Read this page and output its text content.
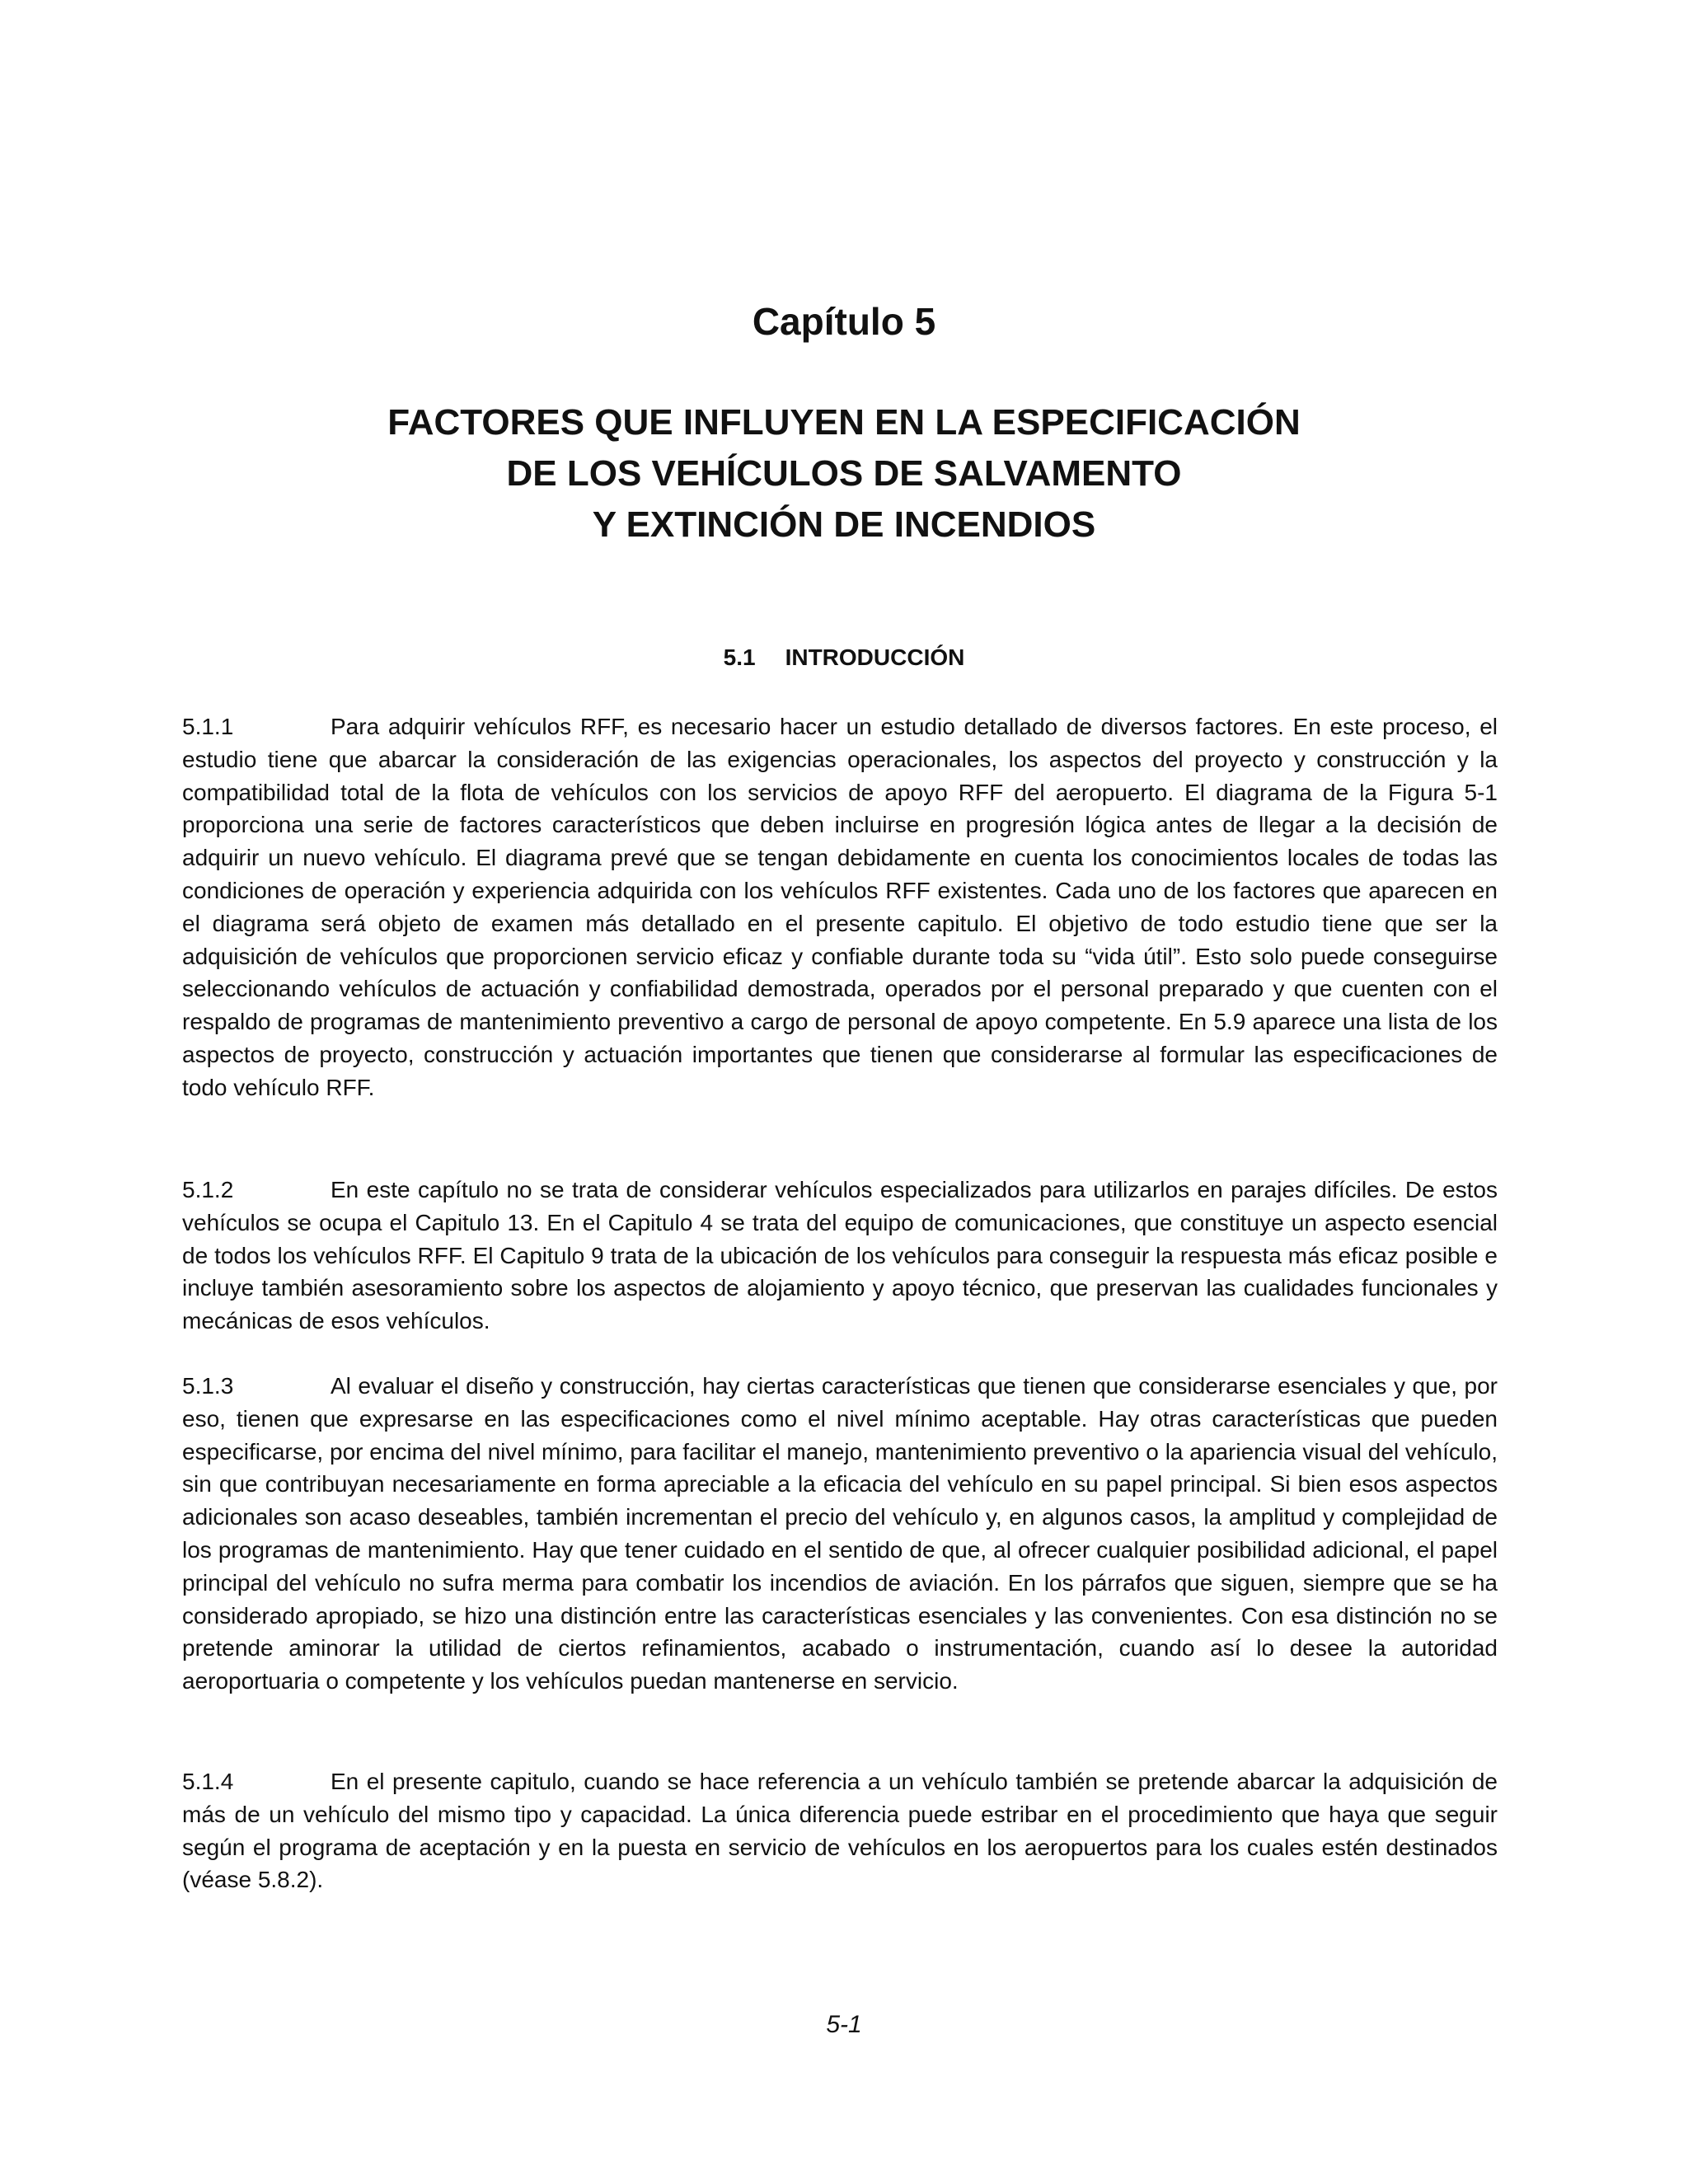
Capítulo 5
FACTORES QUE INFLUYEN EN LA ESPECIFICACIÓN
DE LOS VEHÍCULOS DE SALVAMENTO
Y EXTINCIÓN DE INCENDIOS
5.1 INTRODUCCIÓN
5.1.1	Para adquirir vehículos RFF, es necesario hacer un estudio detallado de diversos factores. En este proceso, el estudio tiene que abarcar la consideración de las exigencias operacionales, los aspectos del proyecto y construcción y la compatibilidad total de la flota de vehículos con los servicios de apoyo RFF del aeropuerto. El diagrama de la Figura 5-1 proporciona una serie de factores característicos que deben incluirse en progresión lógica antes de llegar a la decisión de adquirir un nuevo vehículo. El diagrama prevé que se tengan debidamente en cuenta los conocimientos locales de todas las condiciones de operación y experiencia adquirida con los vehículos RFF existentes. Cada uno de los factores que aparecen en el diagrama será objeto de examen más detallado en el presente capitulo. El objetivo de todo estudio tiene que ser la adquisición de vehículos que proporcionen servicio eficaz y confiable durante toda su “vida útil”. Esto solo puede conseguirse seleccionando vehículos de actuación y confiabilidad demostrada, operados por el personal preparado y que cuenten con el respaldo de programas de mantenimiento preventivo a cargo de personal de apoyo competente. En 5.9 aparece una lista de los aspectos de proyecto, construcción y actuación importantes que tienen que considerarse al formular las especificaciones de todo vehículo RFF.
5.1.2	En este capítulo no se trata de considerar vehículos especializados para utilizarlos en parajes difíciles. De estos vehículos se ocupa el Capitulo 13. En el Capitulo 4 se trata del equipo de comunicaciones, que constituye un aspecto esencial de todos los vehículos RFF. El Capitulo 9 trata de la ubicación de los vehículos para conseguir la respuesta más eficaz posible e incluye también asesoramiento sobre los aspectos de alojamiento y apoyo técnico, que preservan las cualidades funcionales y mecánicas de esos vehículos.
5.1.3	Al evaluar el diseño y construcción, hay ciertas características que tienen que considerarse esenciales y que, por eso, tienen que expresarse en las especificaciones como el nivel mínimo aceptable. Hay otras características que pueden especificarse, por encima del nivel mínimo, para facilitar el manejo, mantenimiento preventivo o la apariencia visual del vehículo, sin que contribuyan necesariamente en forma apreciable a la eficacia del vehículo en su papel principal. Si bien esos aspectos adicionales son acaso deseables, también incrementan el precio del vehículo y, en algunos casos, la amplitud y complejidad de los programas de mantenimiento. Hay que tener cuidado en el sentido de que, al ofrecer cualquier posibilidad adicional, el papel principal del vehículo no sufra merma para combatir los incendios de aviación. En los párrafos que siguen, siempre que se ha considerado apropiado, se hizo una distinción entre las características esenciales y las convenientes. Con esa distinción no se pretende aminorar la utilidad de ciertos refinamientos, acabado o instrumentación, cuando así lo desee la autoridad aeroportuaria o competente y los vehículos puedan mantenerse en servicio.
5.1.4	En el presente capitulo, cuando se hace referencia a un vehículo también se pretende abarcar la adquisición de más de un vehículo del mismo tipo y capacidad. La única diferencia puede estribar en el procedimiento que haya que seguir según el programa de aceptación y en la puesta en servicio de vehículos en los aeropuertos para los cuales estén destinados (véase 5.8.2).
5-1
